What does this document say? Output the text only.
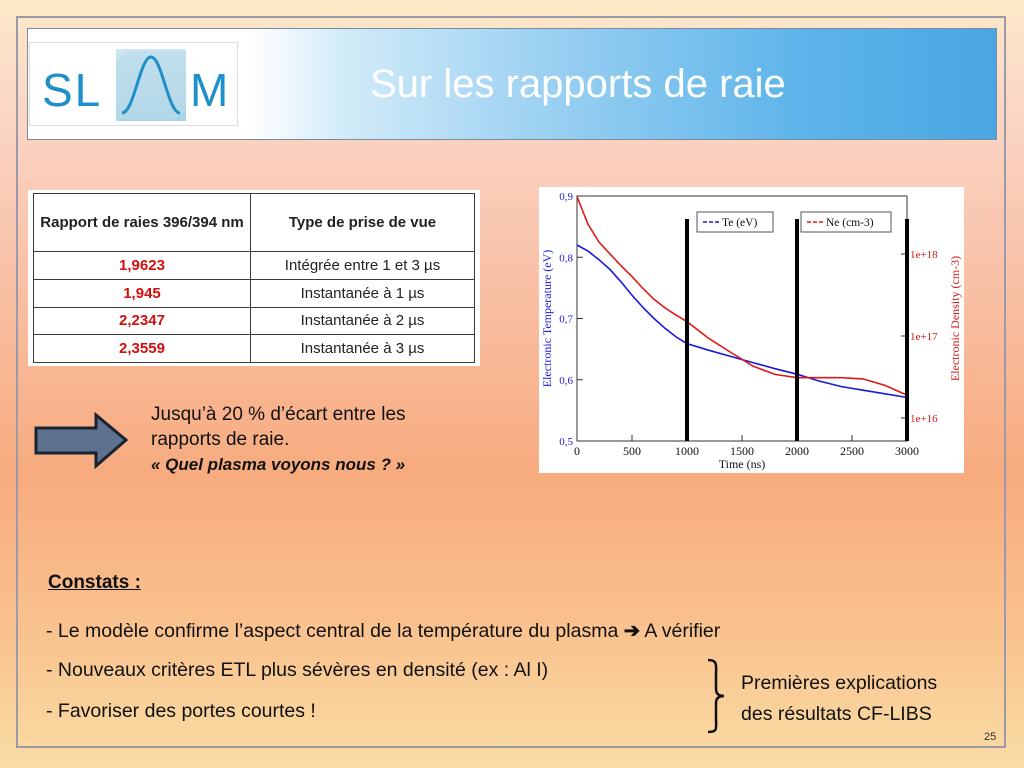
SL M	Sur les rapports de raie
Rapport de raies 396/394 nm	Type de prise de vue
1,9623	Intégrée entre 1 et 3 µs
1,945	Instantanée à 1 µs
2,2347	Instantanée à 2 µs
2,3559	Instantanée à 3 µs
0	500	1000	1500	2000	2500	3000
0,5
0,6
0,7
0,8
0,9
1e+16
1e+17
1e+18
Time (ns)
Electronic Temperature (eV)	Electronic Density (cm-3)
Te (eV)	Ne (cm-3)
Jusqu’à 20 % d’écart entre les
rapports de raie.
« Quel plasma voyons nous ? »
Constats :
- Le modèle confirme l’aspect central de la température du plasma ➔ A vérifier
- Nouveaux critères ETL plus sévères en densité (ex : Al I)
- Favoriser des portes courtes !
Premières explications
des résultats CF-LIBS
25
